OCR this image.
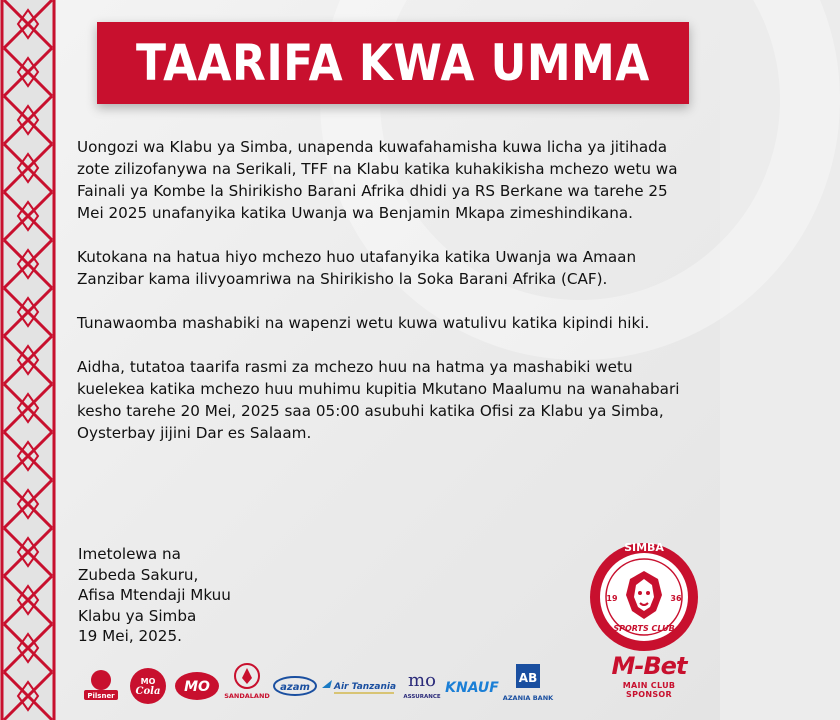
TAARIFA KWA UMMA

Uongozi wa Klabu ya Simba, unapenda kuwafahamisha kuwa licha ya jitihada zote zilizofanywa na Serikali, TFF na Klabu katika kuhakikisha mchezo wetu wa Fainali ya Kombe la Shirikisho Barani Afrika dhidi ya RS Berkane wa tarehe 25 Mei 2025 unafanyika katika Uwanja wa Benjamin Mkapa zimeshindikana.

Kutokana na hatua hiyo mchezo huo utafanyika katika Uwanja wa Amaan Zanzibar kama ilivyoamriwa na Shirikisho la Soka Barani Afrika (CAF).

Tunawaomba mashabiki na wapenzi wetu kuwa watulivu katika kipindi hiki.

Aidha, tutatoa taarifa rasmi za mchezo huu na hatma ya mashabiki wetu kuelekea katika mchezo huu muhimu kupitia Mkutano Maalumu na wanahabari kesho tarehe 20 Mei, 2025 saa 05:00 asubuhi katika Ofisi za Klabu ya Simba, Oysterbay jijini Dar es Salaam.

Imetolewa na
Zubeda Sakuru,
Afisa Mtendaji Mkuu
Klabu ya Simba
19 Mei, 2025.
SIMBA
19	36
SPORTS CLUB
Pilsner
MO
Cola MO
SANDALAND
azam	Air Tanzania mo
ASSURANCE
KNAUF
AB
AZANIA BANK
M-Bet
MAIN CLUB SPONSOR
